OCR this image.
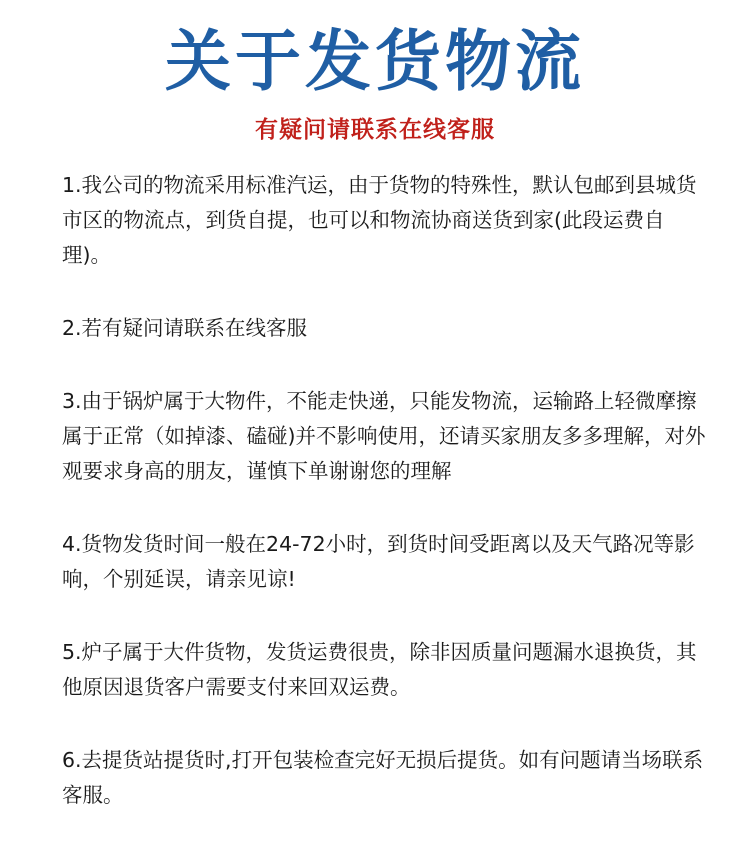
关于发货物流
有疑问请联系在线客服

1.我公司的物流采用标准汽运，由于货物的特殊性，默认包邮到县城货市区的物流点，到货自提，也可以和物流协商送货到家(此段运费自理)。

2.若有疑问请联系在线客服

3.由于锅炉属于大物件，不能走快递，只能发物流，运输路上轻微摩擦属于正常（如掉漆、磕碰)并不影响使用，还请买家朋友多多理解，对外观要求身高的朋友，谨慎下单谢谢您的理解

4.货物发货时间一般在24-72小时，到货时间受距离以及天气路况等影响，个别延误，请亲见谅!

5.炉子属于大件货物，发货运费很贵，除非因质量问题漏水退换货，其他原因退货客户需要支付来回双运费。

6.去提货站提货时,打开包装检查完好无损后提货。如有问题请当场联系客服。
